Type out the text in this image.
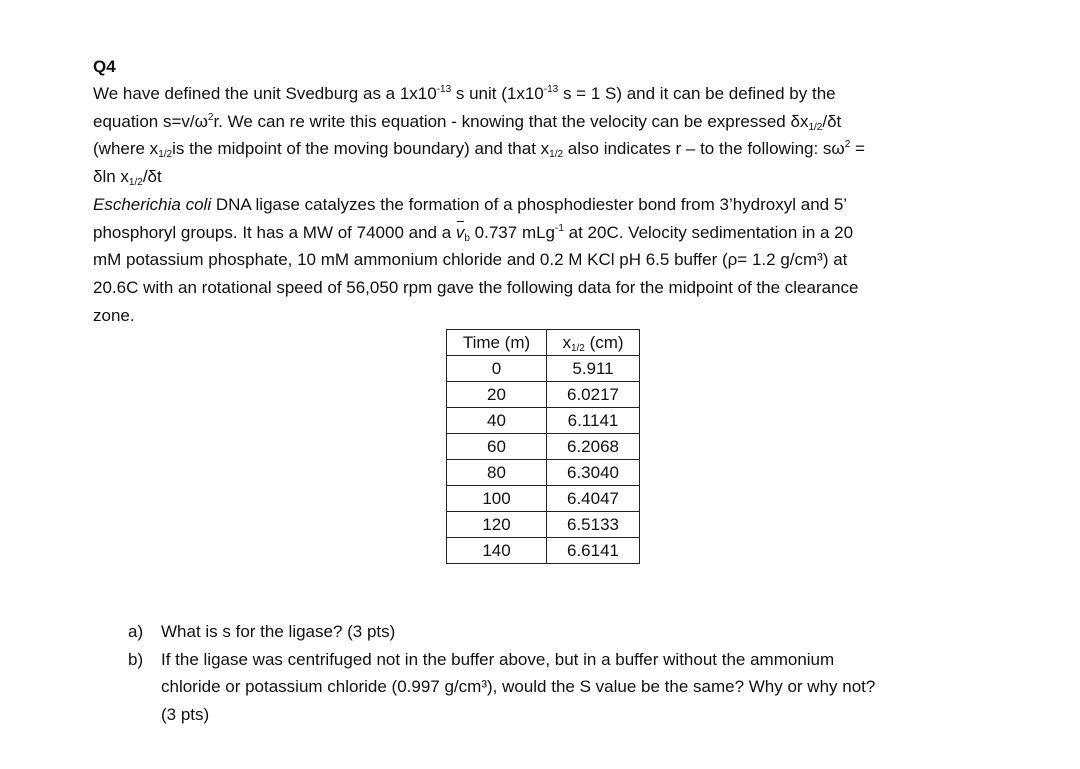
Q4
We have defined the unit Svedburg as a $1x10^{-13}$ s unit ($1x10^{-13}$ s = 1 S) and it can be defined by the
equation $s=v/\omega^2r$. We can re write this equation - knowing that the velocity can be expressed $\delta x_{1/2}/\delta t$
(where $x_{1/2}is$ the midpoint of the moving boundary) and that $x_{1/2}$ also indicates r – to the following: $s\omega^2$ =
δln $x_{1/2}/\delta t$
Escherichia coli DNA ligase catalyzes the formation of a phosphodiester bond from 3’hydroxyl and 5’
phosphoryl groups. It has a MW of 74000 and a $v_b$ 0.737 mLg$^{-1}$ at 20C. Velocity sedimentation in a 20
mM potassium phosphate, 10 mM ammonium chloride and 0.2 M KCl pH 6.5 buffer (ρ= 1.2 g/cm³) at
20.6C with an rotational speed of 56,050 rpm gave the following data for the midpoint of the clearance
zone.
Time (m)	$x_{1/2}$ (cm)
0	5.911
20	6.0217
40	6.1141
60	6.2068
80	6.3040
100	6.4047
120	6.5133
140	6.6141
a) What is s for the ligase? (3 pts)
b) If the ligase was centrifuged not in the buffer above, but in a buffer without the ammonium
chloride or potassium chloride (0.997 g/cm³), would the S value be the same? Why or why not?
(3 pts)
